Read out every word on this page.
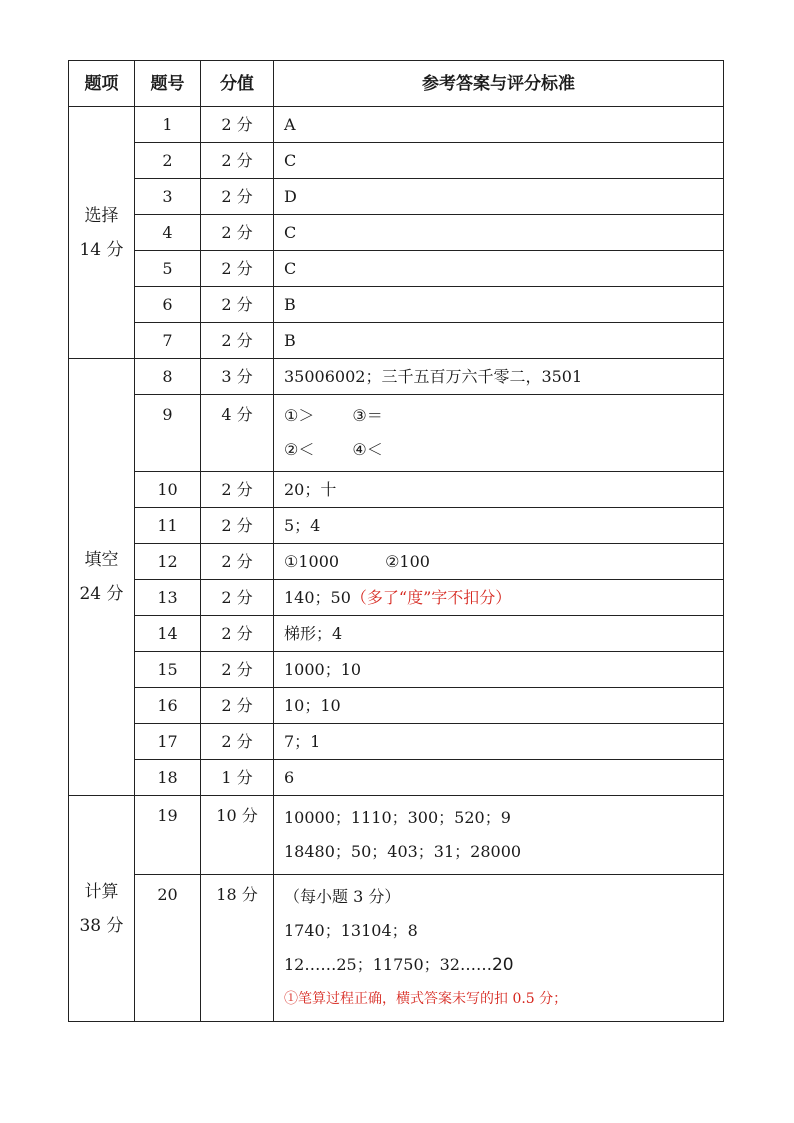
题项	题号	分值	参考答案与评分标准

选择
14 分	1	2 分	A
	2	2 分	C
	3	2 分	D
	4	2 分	C
	5	2 分	C
	6	2 分	B
	7	2 分	B

填空
24 分	8	3 分	35006002；三千五百万六千零二，3501
	9	4 分	①＞ ③＝
②＜ ④＜

	10	2 分	20；十
	11	2 分	5；4
	12	2 分	①1000 ②100
	13	2 分	140；50（多了“度”字不扣分）
	14	2 分	梯形；4
	15	2 分	1000；10
	16	2 分	10；10
	17	2 分	7；1
	18	1 分	6

计算
38 分	19	10 分	10000；1110；300；520；9
18480；50；403；31；28000

	20	18 分	（每小题 3 分）
1740；13104；8
12……25；11750；32……20
①笔算过程正确，横式答案未写的扣 0.5 分；
